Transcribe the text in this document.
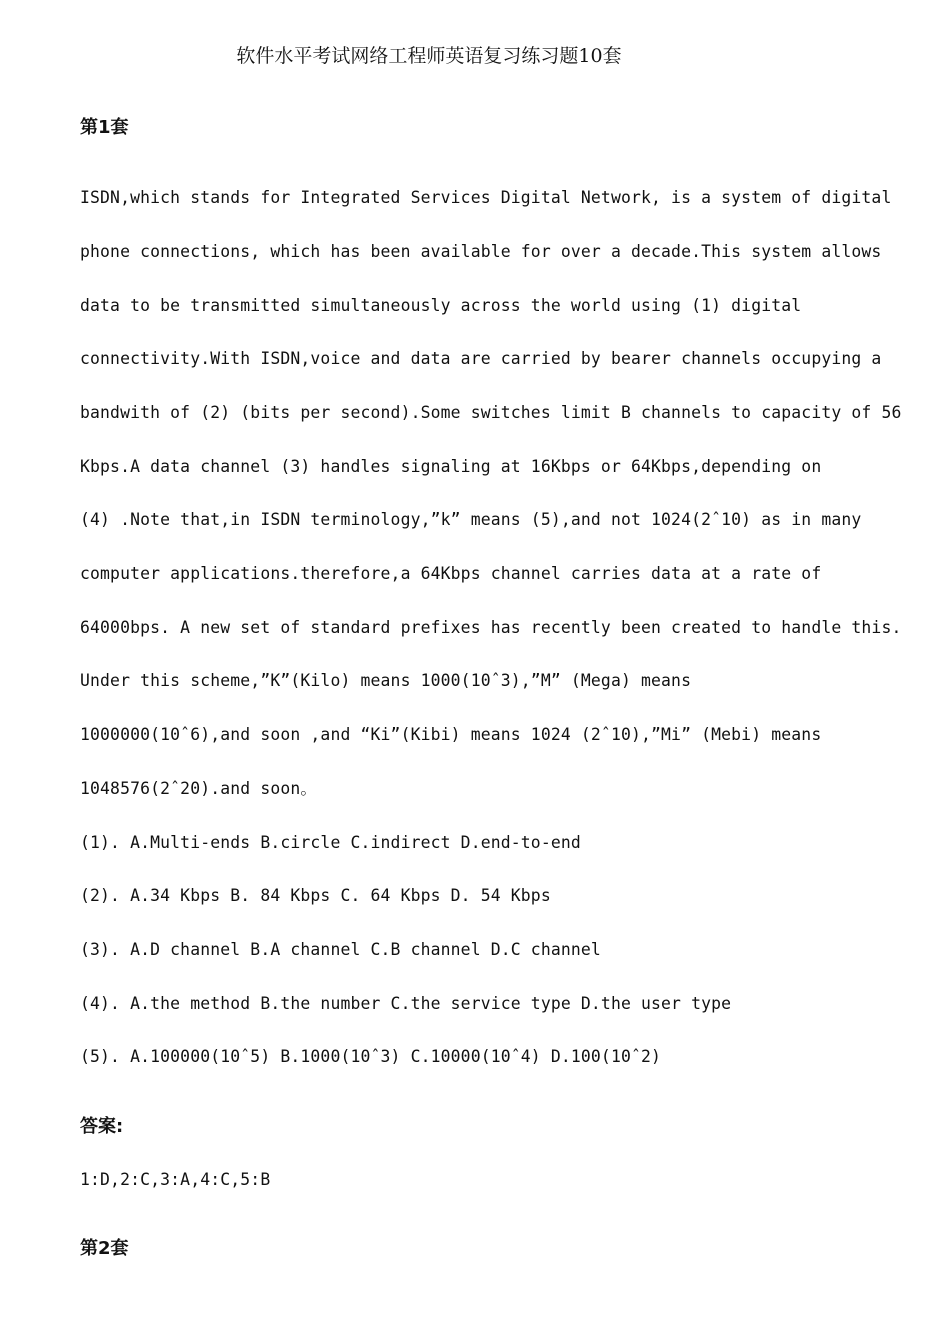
软件水平考试网络工程师英语复习练习题10套
第1套
ISDN,which stands for Integrated Services Digital Network, is a system of digital
phone connections, which has been available for over a decade.This system allows
data to be transmitted simultaneously across the world using (1) digital
connectivity.With ISDN,voice and data are carried by bearer channels occupying a
bandwith of (2) (bits per second).Some switches limit B channels to capacity of 56
Kbps.A data channel (3) handles signaling at 16Kbps or 64Kbps,depending on
(4) .Note that,in ISDN terminology,”k” means (5),and not 1024(2ˆ10) as in many
computer applications.therefore,a 64Kbps channel carries data at a rate of
64000bps. A new set of standard prefixes has recently been created to handle this.
Under this scheme,”K”(Kilo) means 1000(10ˆ3),”M” (Mega) means
1000000(10ˆ6),and soon ,and “Ki”(Kibi) means 1024 (2ˆ10),”Mi” (Mebi) means
1048576(2ˆ20).and soon。
(1). A.Multi-ends B.circle C.indirect D.end-to-end
(2). A.34 Kbps B. 84 Kbps C. 64 Kbps D. 54 Kbps
(3). A.D channel B.A channel C.B channel D.C channel
(4). A.the method B.the number C.the service type D.the user type
(5). A.100000(10ˆ5) B.1000(10ˆ3) C.10000(10ˆ4) D.100(10ˆ2)
答案:
1:D,2:C,3:A,4:C,5:B
第2套
